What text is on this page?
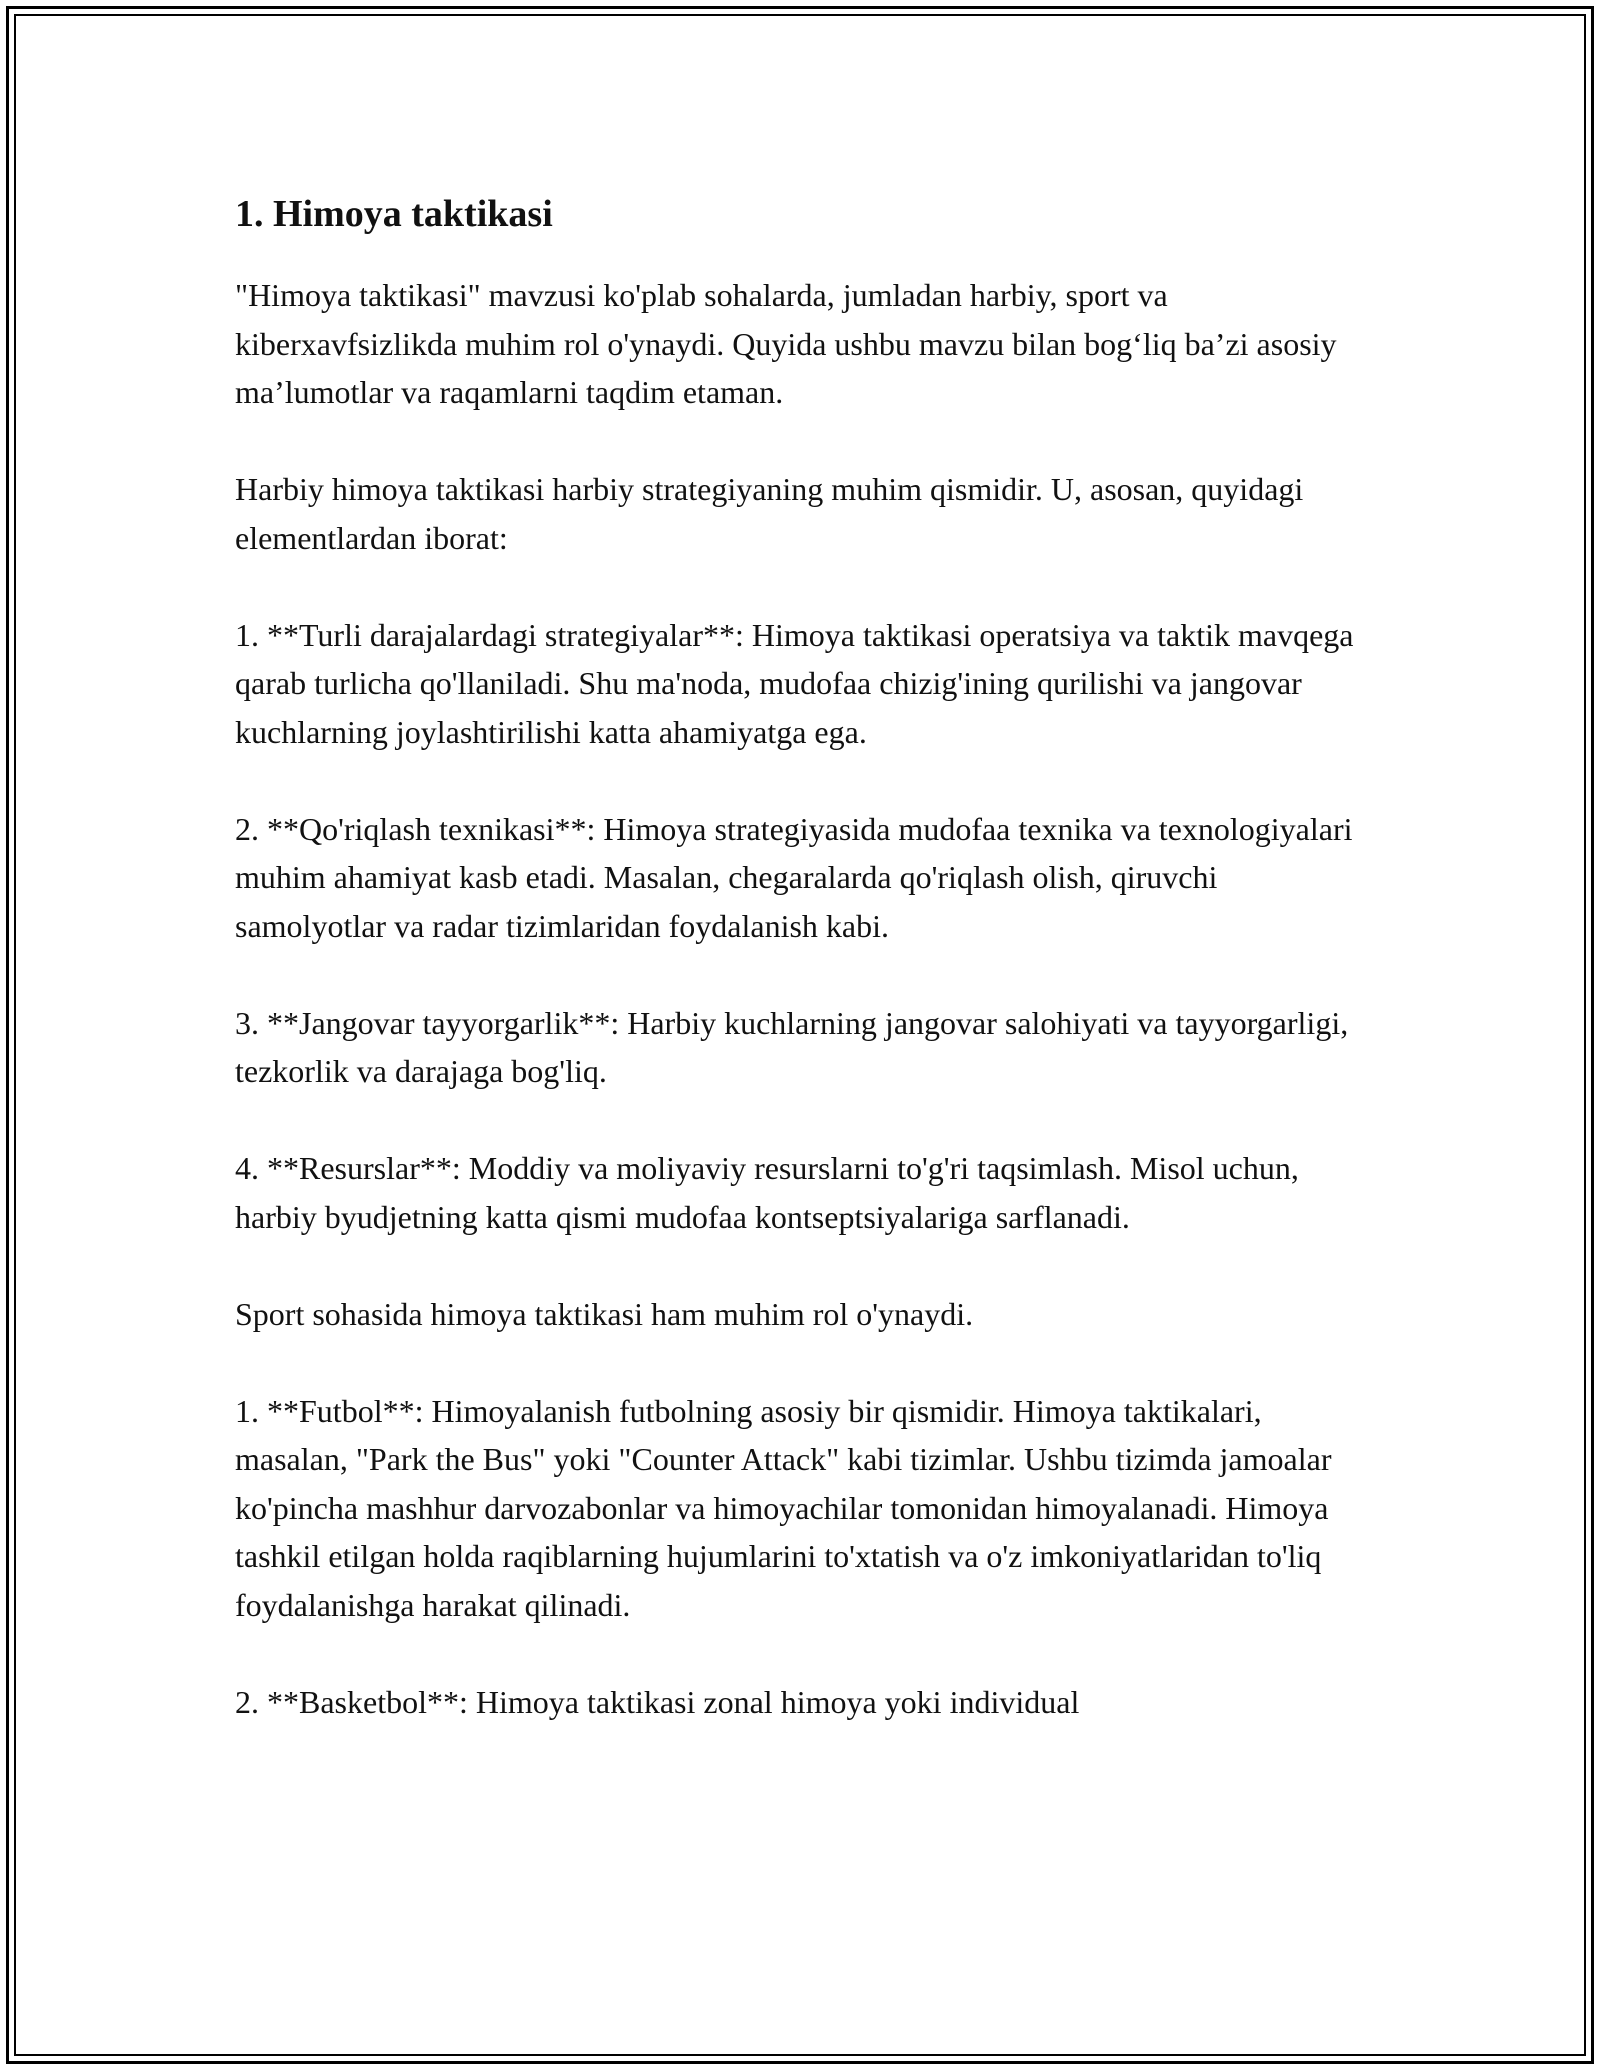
1. Himoya taktikasi

"Himoya taktikasi" mavzusi ko'plab sohalarda, jumladan harbiy, sport va kiberxavfsizlikda muhim rol o'ynaydi. Quyida ushbu mavzu bilan bog‘liq ba’zi asosiy ma’lumotlar va raqamlarni taqdim etaman.

Harbiy himoya taktikasi harbiy strategiyaning muhim qismidir. U, asosan, quyidagi elementlardan iborat:

1. **Turli darajalardagi strategiyalar**: Himoya taktikasi operatsiya va taktik mavqega qarab turlicha qo'llaniladi. Shu ma'noda, mudofaa chizig'ining qurilishi va jangovar kuchlarning joylashtirilishi katta ahamiyatga ega.

2. **Qo'riqlash texnikasi**: Himoya strategiyasida mudofaa texnika va texnologiyalari muhim ahamiyat kasb etadi. Masalan, chegaralarda qo'riqlash olish, qiruvchi samolyotlar va radar tizimlaridan foydalanish kabi.

3. **Jangovar tayyorgarlik**: Harbiy kuchlarning jangovar salohiyati va tayyorgarligi, tezkorlik va darajaga bog'liq.

4. **Resurslar**: Moddiy va moliyaviy resurslarni to'g'ri taqsimlash. Misol uchun, harbiy byudjetning katta qismi mudofaa kontseptsiyalariga sarflanadi.

Sport sohasida himoya taktikasi ham muhim rol o'ynaydi.

1. **Futbol**: Himoyalanish futbolning asosiy bir qismidir. Himoya taktikalari, masalan, "Park the Bus" yoki "Counter Attack" kabi tizimlar. Ushbu tizimda jamoalar ko'pincha mashhur darvozabonlar va himoyachilar tomonidan himoyalanadi. Himoya tashkil etilgan holda raqiblarning hujumlarini to'xtatish va o'z imkoniyatlaridan to'liq foydalanishga harakat qilinadi.

2. **Basketbol**: Himoya taktikasi zonal himoya yoki individual
